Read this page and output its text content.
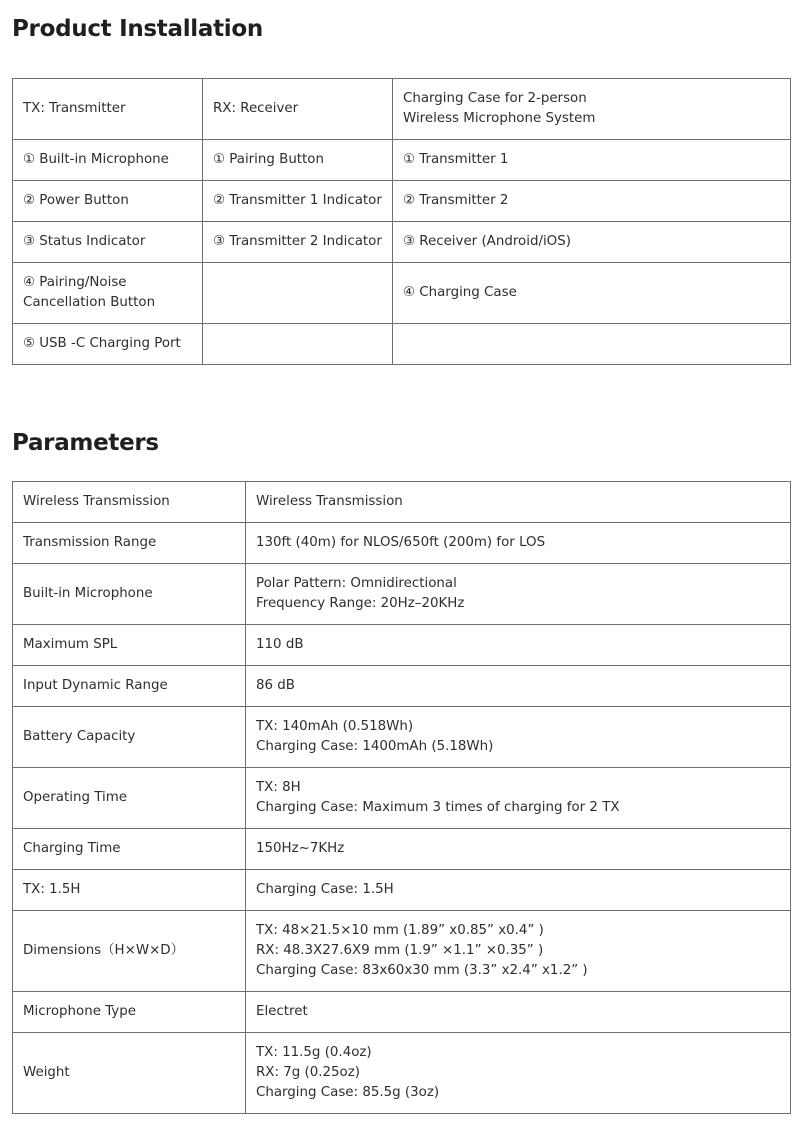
Product Installation
TX: Transmitter	RX: Receiver	Charging Case for 2-person
Wireless Microphone System
① Built-in Microphone	① Pairing Button	① Transmitter 1
② Power Button	② Transmitter 1 Indicator	② Transmitter 2
③ Status Indicator	③ Transmitter 2 Indicator	③ Receiver (Android/iOS)
④ Pairing/Noise
Cancellation Button		④ Charging Case
⑤ USB -C Charging Port		
Parameters
Wireless Transmission	Wireless Transmission
Transmission Range	130ft (40m) for NLOS/650ft (200m) for LOS
Built-in Microphone	Polar Pattern: Omnidirectional
Frequency Range: 20Hz–20KHz
Maximum SPL	110 dB
Input Dynamic Range	86 dB
Battery Capacity	TX: 140mAh (0.518Wh)
Charging Case: 1400mAh (5.18Wh)
Operating Time	TX: 8H
Charging Case: Maximum 3 times of charging for 2 TX
Charging Time	150Hz~7KHz
TX: 1.5H	Charging Case: 1.5H
Dimensions（H×W×D）	TX: 48×21.5×10 mm (1.89” x0.85” x0.4” )
RX: 48.3X27.6X9 mm (1.9” ×1.1” ×0.35” )
Charging Case: 83x60x30 mm (3.3” x2.4” x1.2” )
Microphone Type	Electret
Weight	TX: 11.5g (0.4oz)
RX: 7g (0.25oz)
Charging Case: 85.5g (3oz)
